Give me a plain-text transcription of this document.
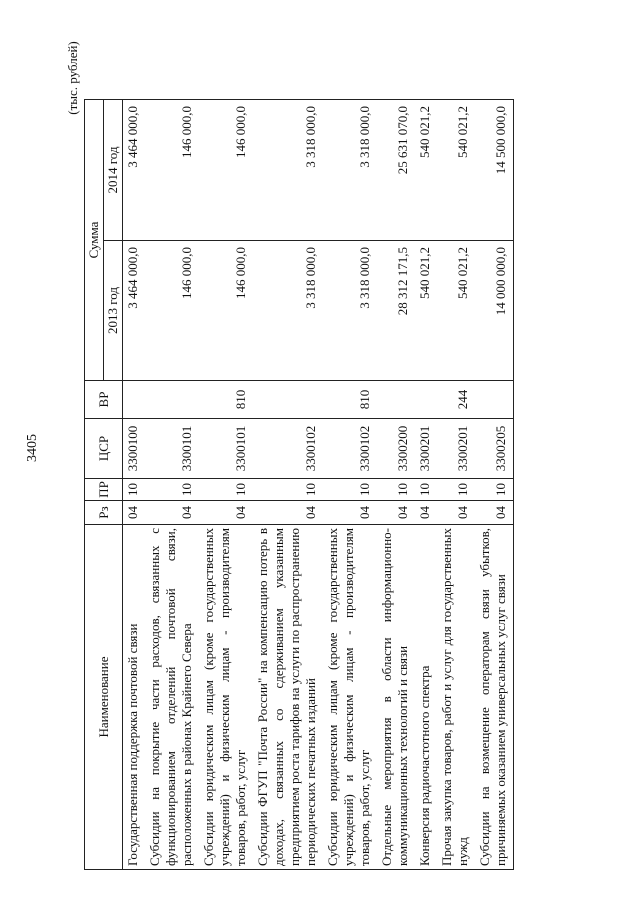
3405
(тыс. рублей)
Наименование	Рз	ПР	ЦСР	ВР	Сумма	
					2013 год	2014 год
Государственная поддержка почтовой связи	04	10	3300100		3 464 000,0	3 464 000,0
Субсидии на покрытие части расходов, связанных с функционированием отделений почтовой связи, расположенных в районах Крайнего Севера	04	10	3300101		146 000,0	146 000,0
Субсидии юридическим лицам (кроме государственных учреждений) и физическим лицам - производителям товаров, работ, услуг	04	10	3300101	810	146 000,0	146 000,0
Субсидии ФГУП "Почта России" на компенсацию потерь в доходах, связанных со сдерживанием указанным предприятием роста тарифов на услуги по распространению периодических печатных изданий	04	10	3300102		3 318 000,0	3 318 000,0
Субсидии юридическим лицам (кроме государственных учреждений) и физическим лицам - производителям товаров, работ, услуг	04	10	3300102	810	3 318 000,0	3 318 000,0
Отдельные мероприятия в области информационно-коммуникационных технологий и связи	04	10	3300200		28 312 171,5	25 631 070,0
Конверсия радиочастотного спектра	04	10	3300201		540 021,2	540 021,2
Прочая закупка товаров, работ и услуг для государственных нужд	04	10	3300201	244	540 021,2	540 021,2
Субсидии на возмещение операторам связи убытков, причиняемых оказанием универсальных услуг связи	04	10	3300205		14 000 000,0	14 500 000,0
